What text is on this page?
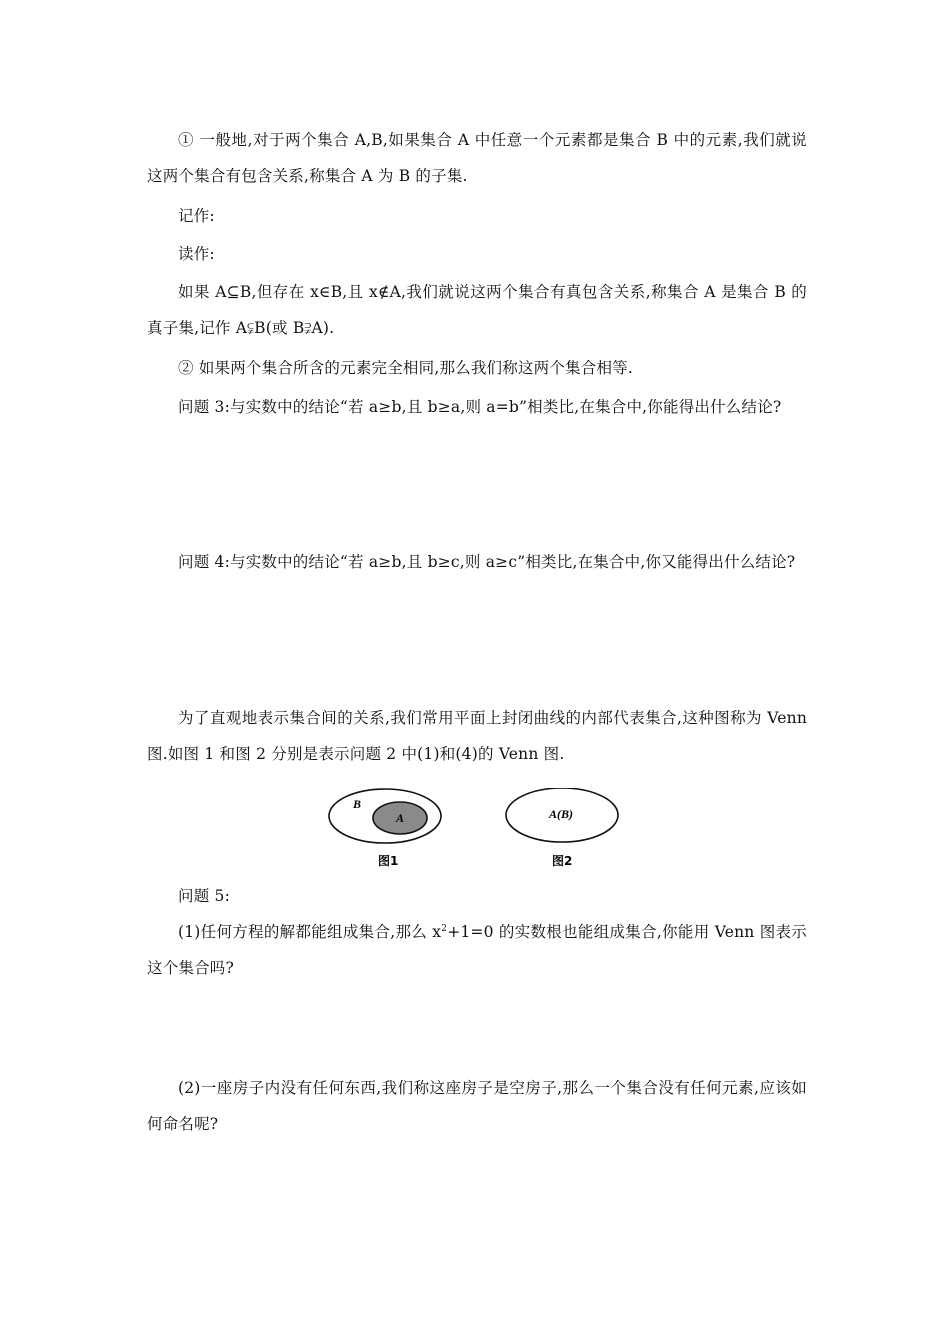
① 一般地,对于两个集合 A,B,如果集合 A 中任意一个元素都是集合 B 中的元素,我们就说这两个集合有包含关系,称集合 A 为 B 的子集.

记作:

读作:

如果 A⊆B,但存在 x∈B,且 x∉A,我们就说这两个集合有真包含关系,称集合 A 是集合 B 的真子集,记作 A⫋B(或 B⫌A).

② 如果两个集合所含的元素完全相同,那么我们称这两个集合相等.

问题 3:与实数中的结论“若 a≥b,且 b≥a,则 a=b”相类比,在集合中,你能得出什么结论?

问题 4:与实数中的结论“若 a≥b,且 b≥c,则 a≥c”相类比,在集合中,你又能得出什么结论?

为了直观地表示集合间的关系,我们常用平面上封闭曲线的内部代表集合,这种图称为 Venn 图.如图 1 和图 2 分别是表示问题 2 中(1)和(4)的 Venn 图.

B
A
图1
A(B)
图2

问题 5:

(1)任何方程的解都能组成集合,那么 $x^2+1=0$ 的实数根也能组成集合,你能用 Venn 图表示这个集合吗?

(2)一座房子内没有任何东西,我们称这座房子是空房子,那么一个集合没有任何元素,应该如何命名呢?
